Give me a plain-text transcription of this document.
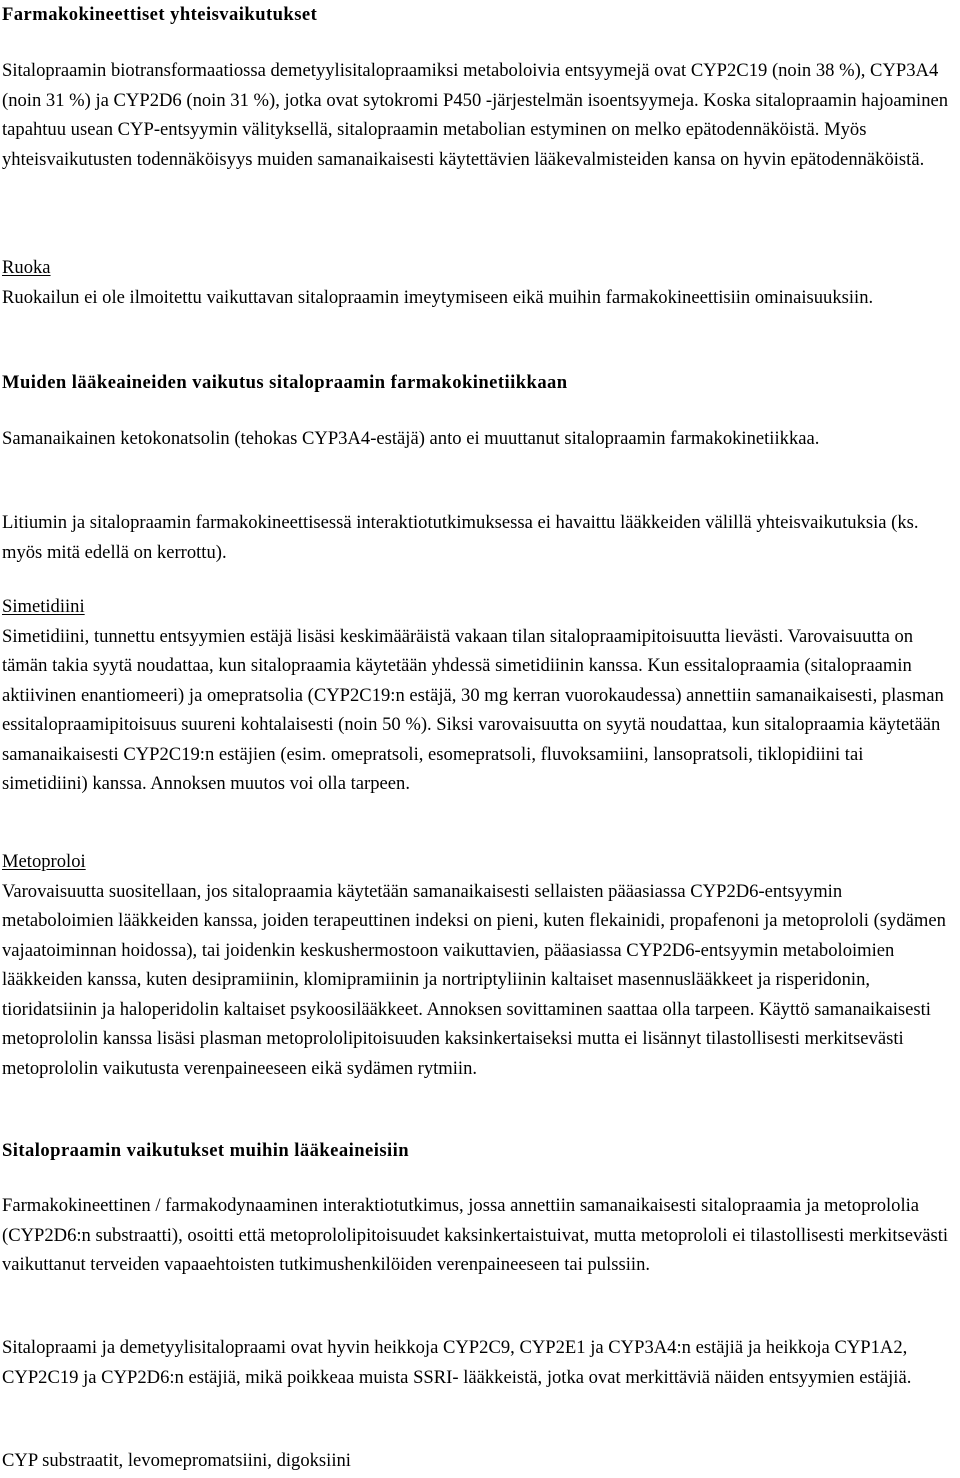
Farmakokineettiset yhteisvaikutukset

Sitalopraamin biotransformaatiossa demetyylisitalopraamiksi metaboloivia entsyymejä ovat CYP2C19 (noin 38 %), CYP3A4 (noin 31 %) ja CYP2D6 (noin 31 %), jotka ovat sytokromi P450 -järjestelmän isoentsyymeja. Koska sitalopraamin hajoaminen tapahtuu usean CYP-entsyymin välityksellä, sitalopraamin metabolian estyminen on melko epätodennäköistä. Myös yhteisvaikutusten todennäköisyys muiden samanaikaisesti käytettävien lääkevalmisteiden kansa on hyvin epätodennäköistä.

Ruoka

Ruokailun ei ole ilmoitettu vaikuttavan sitalopraamin imeytymiseen eikä muihin farmakokineettisiin ominaisuuksiin.

Muiden lääkeaineiden vaikutus sitalopraamin farmakokinetiikkaan

Samanaikainen ketokonatsolin (tehokas CYP3A4-estäjä) anto ei muuttanut sitalopraamin farmakokinetiikkaa.

Litiumin ja sitalopraamin farmakokineettisessä interaktiotutkimuksessa ei havaittu lääkkeiden välillä yhteisvaikutuksia (ks. myös mitä edellä on kerrottu).

Simetidiini

Simetidiini, tunnettu entsyymien estäjä lisäsi keskimääräistä vakaan tilan sitalopraamipitoisuutta lievästi. Varovaisuutta on tämän takia syytä noudattaa, kun sitalopraamia käytetään yhdessä simetidiinin kanssa. Kun essitalopraamia (sitalopraamin aktiivinen enantiomeeri) ja omepratsolia (CYP2C19:n estäjä, 30 mg kerran vuorokaudessa) annettiin samanaikaisesti, plasman essitalopraamipitoisuus suureni kohtalaisesti (noin 50 %). Siksi varovaisuutta on syytä noudattaa, kun sitalopraamia käytetään samanaikaisesti CYP2C19:n estäjien (esim. omepratsoli, esomepratsoli, fluvoksamiini, lansopratsoli, tiklopidiini tai simetidiini) kanssa. Annoksen muutos voi olla tarpeen.

Metoproloi

Varovaisuutta suositellaan, jos sitalopraamia käytetään samanaikaisesti sellaisten pääasiassa CYP2D6-entsyymin metaboloimien lääkkeiden kanssa, joiden terapeuttinen indeksi on pieni, kuten flekainidi, propafenoni ja metoprololi (sydämen vajaatoiminnan hoidossa), tai joidenkin keskushermostoon vaikuttavien, pääasiassa CYP2D6-entsyymin metaboloimien lääkkeiden kanssa, kuten desipramiinin, klomipramiinin ja nortriptyliinin kaltaiset masennuslääkkeet ja risperidonin, tioridatsiinin ja haloperidolin kaltaiset psykoosilääkkeet. Annoksen sovittaminen saattaa olla tarpeen. Käyttö samanaikaisesti metoprololin kanssa lisäsi plasman metoprololipitoisuuden kaksinkertaiseksi mutta ei lisännyt tilastollisesti merkitsevästi metoprololin vaikutusta verenpaineeseen eikä sydämen rytmiin.

Sitalopraamin vaikutukset muihin lääkeaineisiin

Farmakokineettinen / farmakodynaaminen interaktiotutkimus, jossa annettiin samanaikaisesti sitalopraamia ja metoprololia (CYP2D6:n substraatti), osoitti että metoprololipitoisuudet kaksinkertaistuivat, mutta metoprololi ei tilastollisesti merkitsevästi vaikuttanut terveiden vapaaehtoisten tutkimushenkilöiden verenpaineeseen tai pulssiin.

Sitalopraami ja demetyylisitalopraami ovat hyvin heikkoja CYP2C9, CYP2E1 ja CYP3A4:n estäjiä ja heikkoja CYP1A2, CYP2C19 ja CYP2D6:n estäjiä, mikä poikkeaa muista SSRI- lääkkeistä, jotka ovat merkittäviä näiden entsyymien estäjiä.

CYP substraatit, levomepromatsiini, digoksiini
